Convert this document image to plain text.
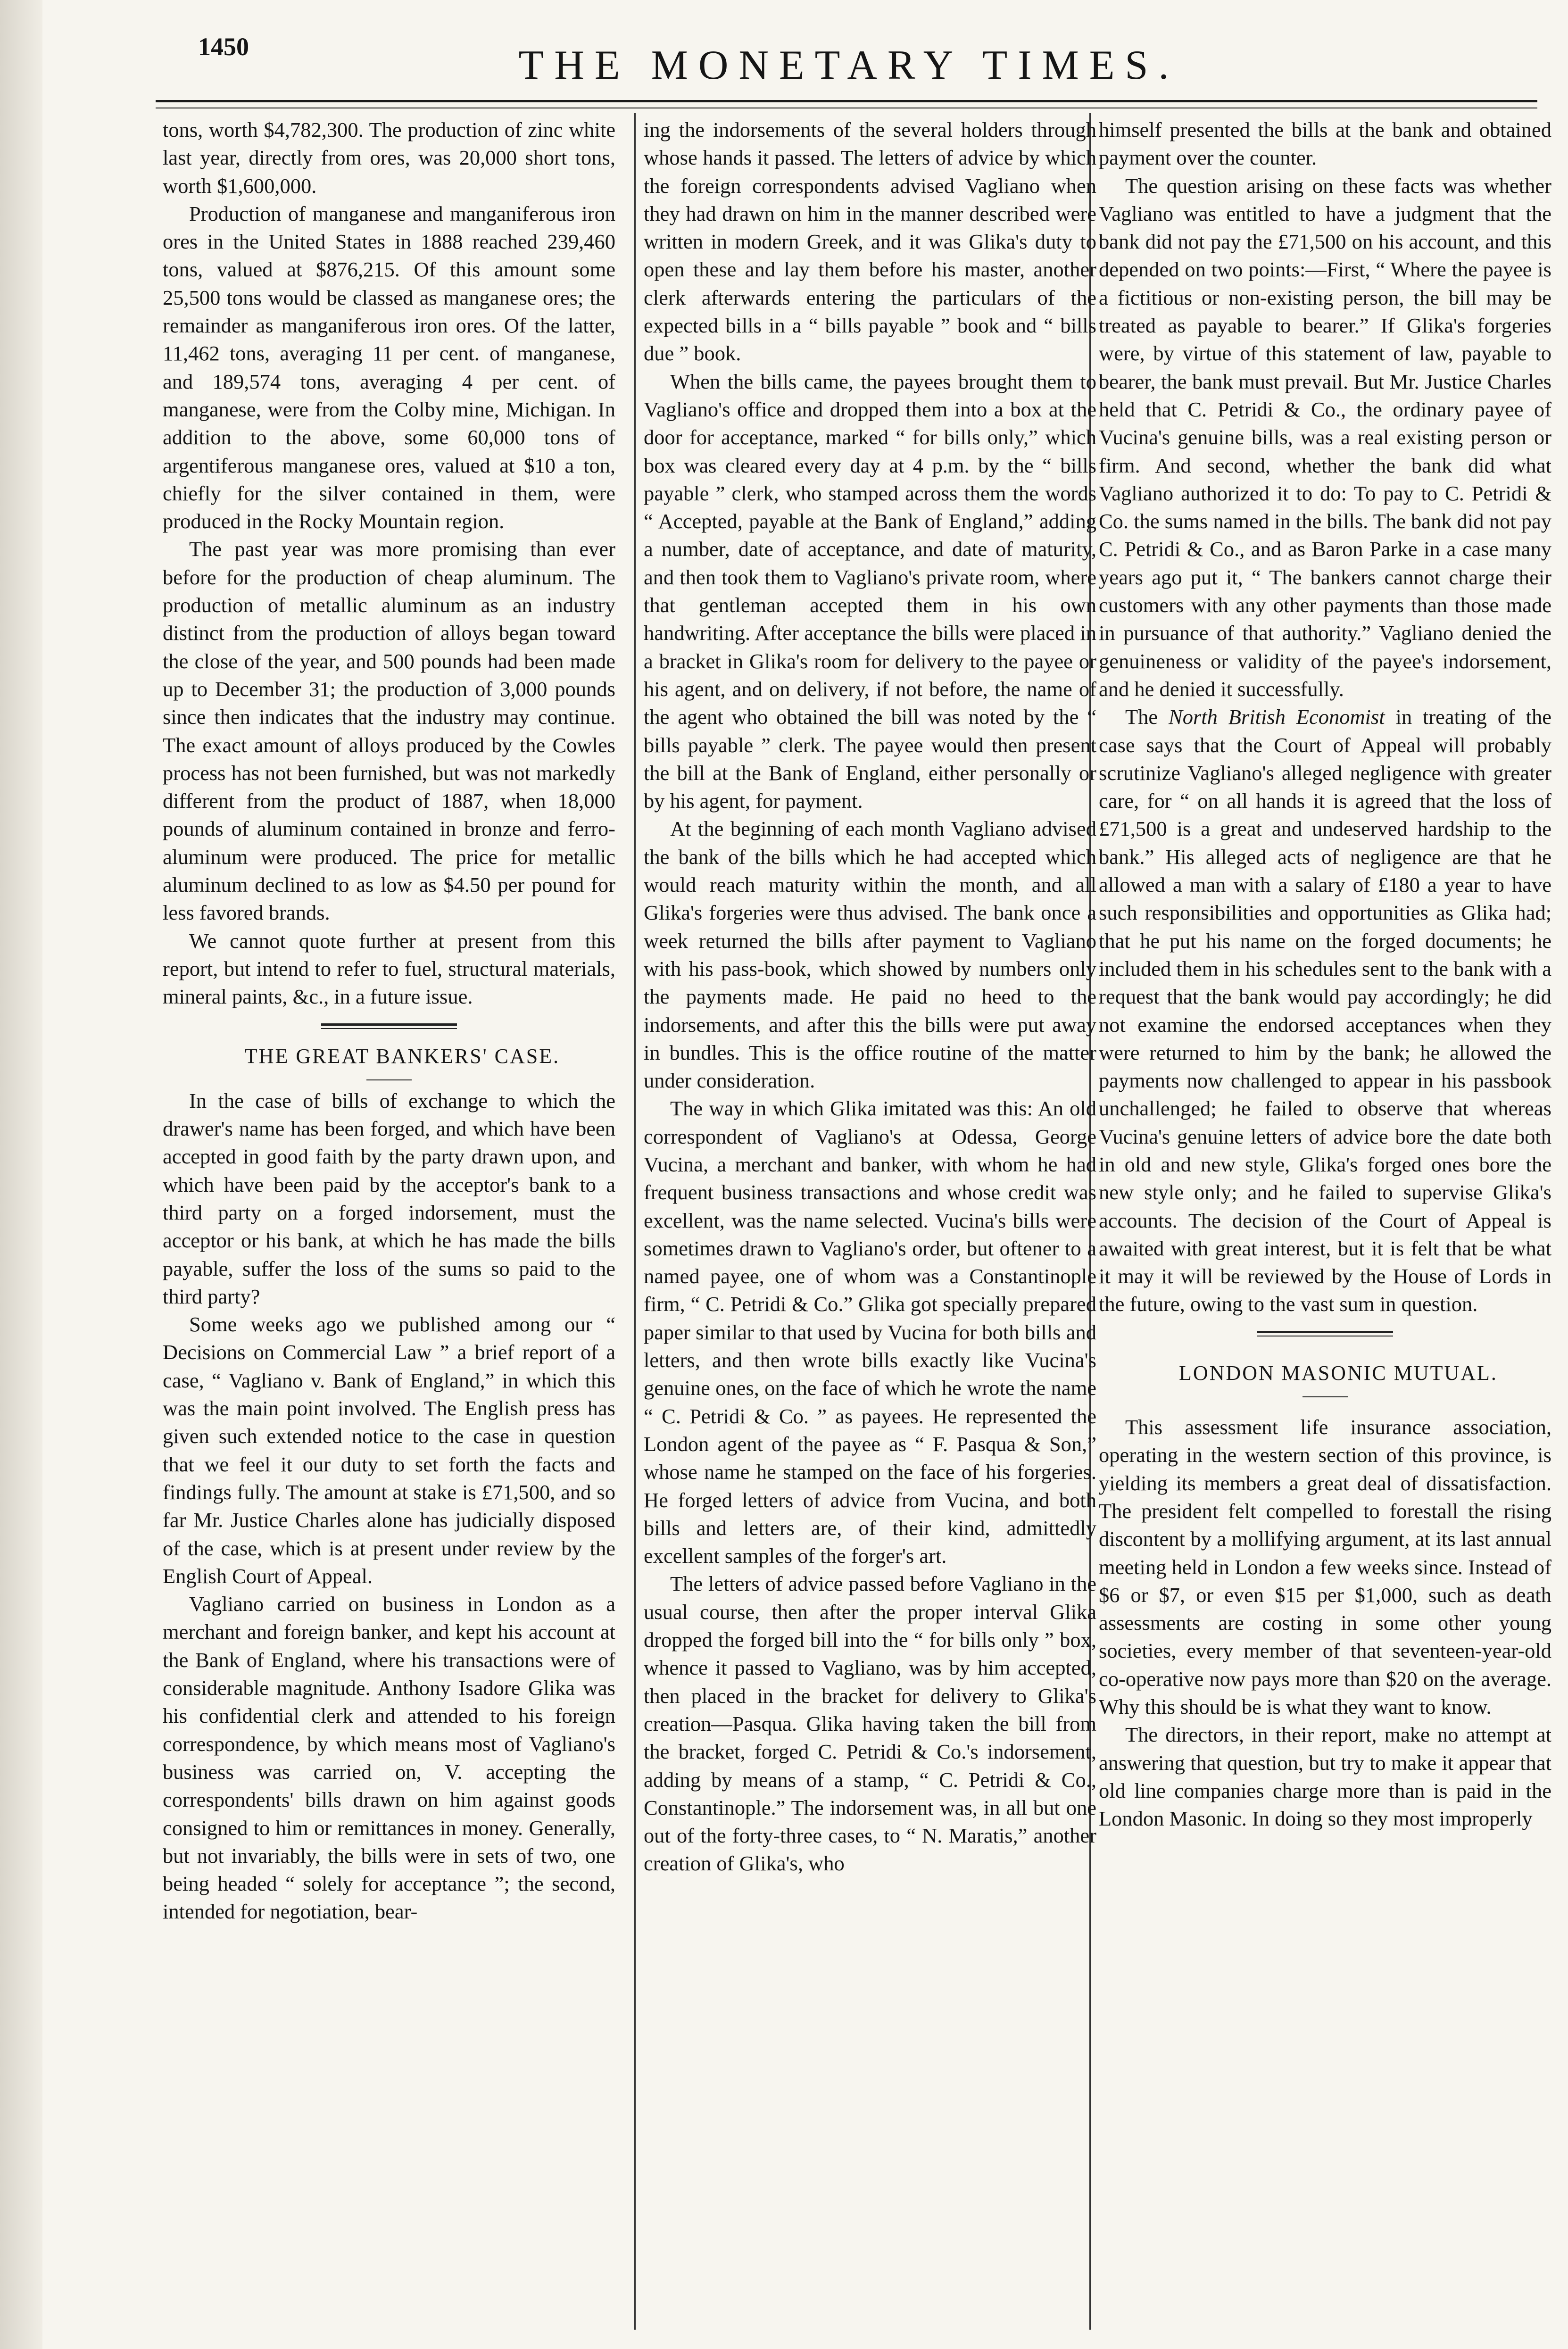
1450	THE MONETARY TIMES.

tons, worth $4,782,300. The production of zinc white last year, directly from ores, was 20,000 short tons, worth $1,600,000.

Production of manganese and manganiferous iron ores in the United States in 1888 reached 239,460 tons, valued at $876,215. Of this amount some 25,500 tons would be classed as manganese ores; the remainder as manganiferous iron ores. Of the latter, 11,462 tons, averaging 11 per cent. of manganese, and 189,574 tons, averaging 4 per cent. of manganese, were from the Colby mine, Michigan. In addition to the above, some 60,000 tons of argentiferous manganese ores, valued at $10 a ton, chiefly for the silver contained in them, were produced in the Rocky Mountain region.

The past year was more promising than ever before for the production of cheap aluminum. The production of metallic aluminum as an industry distinct from the production of alloys began toward the close of the year, and 500 pounds had been made up to December 31; the production of 3,000 pounds since then indicates that the industry may continue. The exact amount of alloys produced by the Cowles process has not been furnished, but was not markedly different from the product of 1887, when 18,000 pounds of aluminum contained in bronze and ferro-aluminum were produced. The price for metallic aluminum declined to as low as $4.50 per pound for less favored brands.

We cannot quote further at present from this report, but intend to refer to fuel, structural materials, mineral paints, &c., in a future issue.

THE GREAT BANKERS' CASE.

In the case of bills of exchange to which the drawer's name has been forged, and which have been accepted in good faith by the party drawn upon, and which have been paid by the acceptor's bank to a third party on a forged indorsement, must the acceptor or his bank, at which he has made the bills payable, suffer the loss of the sums so paid to the third party?

Some weeks ago we published among our “ Decisions on Commercial Law ” a brief report of a case, “ Vagliano v. Bank of England,” in which this was the main point involved. The English press has given such extended notice to the case in question that we feel it our duty to set forth the facts and findings fully. The amount at stake is £71,500, and so far Mr. Justice Charles alone has judicially disposed of the case, which is at present under review by the English Court of Appeal.

Vagliano carried on business in London as a merchant and foreign banker, and kept his account at the Bank of England, where his transactions were of considerable magnitude. Anthony Isadore Glika was his confidential clerk and attended to his foreign correspondence, by which means most of Vagliano's business was carried on, V. accepting the correspondents' bills drawn on him against goods consigned to him or remittances in money. Generally, but not invariably, the bills were in sets of two, one being headed “ solely for acceptance ”; the second, intended for negotiation, bear-

ing the indorsements of the several holders through whose hands it passed. The letters of advice by which the foreign correspondents advised Vagliano when they had drawn on him in the manner described were written in modern Greek, and it was Glika's duty to open these and lay them before his master, another clerk afterwards entering the particulars of the expected bills in a “ bills payable ” book and “ bills due ” book.

When the bills came, the payees brought them to Vagliano's office and dropped them into a box at the door for acceptance, marked “ for bills only,” which box was cleared every day at 4 p.m. by the “ bills payable ” clerk, who stamped across them the words “ Accepted, payable at the Bank of England,” adding a number, date of acceptance, and date of maturity, and then took them to Vagliano's private room, where that gentleman accepted them in his own handwriting. After acceptance the bills were placed in a bracket in Glika's room for delivery to the payee or his agent, and on delivery, if not before, the name of the agent who obtained the bill was noted by the “ bills payable ” clerk. The payee would then present the bill at the Bank of England, either personally or by his agent, for payment.

At the beginning of each month Vagliano advised the bank of the bills which he had accepted which would reach maturity within the month, and all Glika's forgeries were thus advised. The bank once a week returned the bills after payment to Vagliano with his pass-book, which showed by numbers only the payments made. He paid no heed to the indorsements, and after this the bills were put away in bundles. This is the office routine of the matter under consideration.

The way in which Glika imitated was this: An old correspondent of Vagliano's at Odessa, George Vucina, a merchant and banker, with whom he had frequent business transactions and whose credit was excellent, was the name selected. Vucina's bills were sometimes drawn to Vagliano's order, but oftener to a named payee, one of whom was a Constantinople firm, “ C. Petridi & Co.” Glika got specially prepared paper similar to that used by Vucina for both bills and letters, and then wrote bills exactly like Vucina's genuine ones, on the face of which he wrote the name “ C. Petridi & Co. ” as payees. He represented the London agent of the payee as “ F. Pasqua & Son,” whose name he stamped on the face of his forgeries. He forged letters of advice from Vucina, and both bills and letters are, of their kind, admittedly excellent samples of the forger's art.

The letters of advice passed before Vagliano in the usual course, then after the proper interval Glika dropped the forged bill into the “ for bills only ” box, whence it passed to Vagliano, was by him accepted, then placed in the bracket for delivery to Glika's creation—Pasqua. Glika having taken the bill from the bracket, forged C. Petridi & Co.'s indorsement, adding by means of a stamp, “ C. Petridi & Co., Constantinople.” The indorsement was, in all but one out of the forty-three cases, to “ N. Maratis,” another creation of Glika's, who

himself presented the bills at the bank and obtained payment over the counter.

The question arising on these facts was whether Vagliano was entitled to have a judgment that the bank did not pay the £71,500 on his account, and this depended on two points:—First, “ Where the payee is a fictitious or non-existing person, the bill may be treated as payable to bearer.” If Glika's forgeries were, by virtue of this statement of law, payable to bearer, the bank must prevail. But Mr. Justice Charles held that C. Petridi & Co., the ordinary payee of Vucina's genuine bills, was a real existing person or firm. And second, whether the bank did what Vagliano authorized it to do: To pay to C. Petridi & Co. the sums named in the bills. The bank did not pay C. Petridi & Co., and as Baron Parke in a case many years ago put it, “ The bankers cannot charge their customers with any other payments than those made in pursuance of that authority.” Vagliano denied the genuineness or validity of the payee's indorsement, and he denied it successfully.

The North British Economist in treating of the case says that the Court of Appeal will probably scrutinize Vagliano's alleged negligence with greater care, for “ on all hands it is agreed that the loss of £71,500 is a great and undeserved hardship to the bank.” His alleged acts of negligence are that he allowed a man with a salary of £180 a year to have such responsibilities and opportunities as Glika had; that he put his name on the forged documents; he included them in his schedules sent to the bank with a request that the bank would pay accordingly; he did not examine the endorsed acceptances when they were returned to him by the bank; he allowed the payments now challenged to appear in his passbook unchallenged; he failed to observe that whereas Vucina's genuine letters of advice bore the date both in old and new style, Glika's forged ones bore the new style only; and he failed to supervise Glika's accounts. The decision of the Court of Appeal is awaited with great interest, but it is felt that be what it may it will be reviewed by the House of Lords in the future, owing to the vast sum in question.

LONDON MASONIC MUTUAL.

This assessment life insurance association, operating in the western section of this province, is yielding its members a great deal of dissatisfaction. The president felt compelled to forestall the rising discontent by a mollifying argument, at its last annual meeting held in London a few weeks since. Instead of $6 or $7, or even $15 per $1,000, such as death assessments are costing in some other young societies, every member of that seventeen-year-old co-operative now pays more than $20 on the average. Why this should be is what they want to know.

The directors, in their report, make no attempt at answering that question, but try to make it appear that old line companies charge more than is paid in the London Masonic. In doing so they most improperly
